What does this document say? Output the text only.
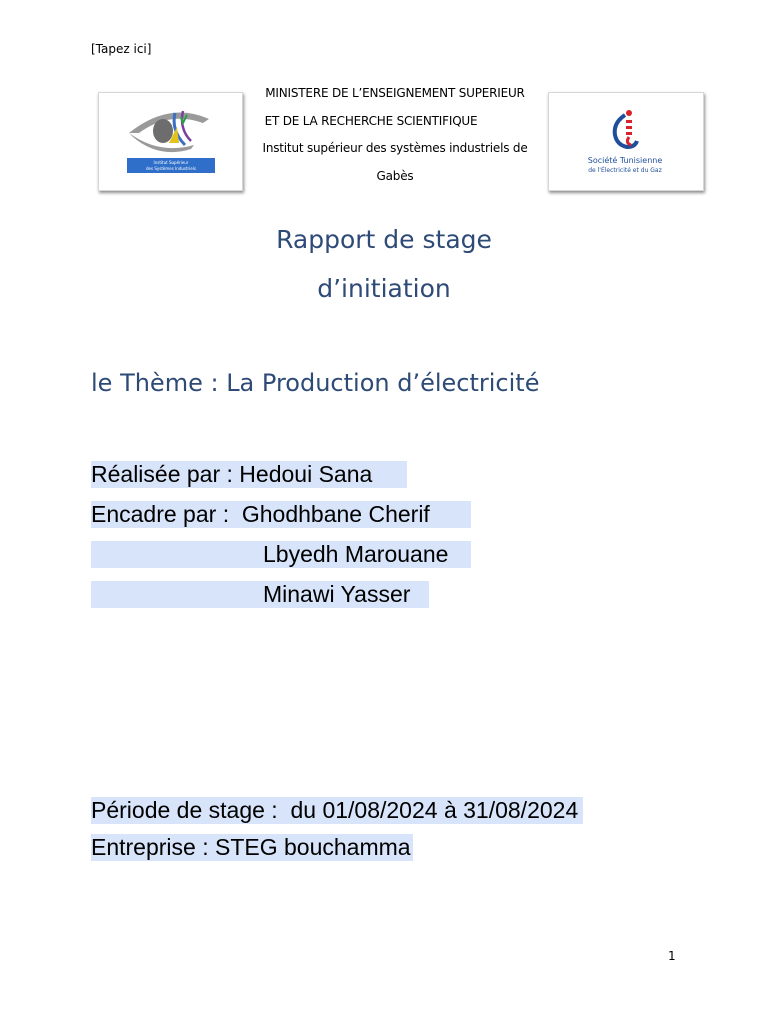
[Tapez ici]
Institut Supérieur
des Systèmes Industriels
MINISTERE DE L’ENSEIGNEMENT SUPERIEUR
ET DE LA RECHERCHE SCIENTIFIQUE
Institut supérieur des systèmes industriels de
Gabès
Société Tunisienne
de l'Électricité et du Gaz
Rapport de stage
d’initiation
le Thème : La Production d’électricité
Réalisée par : Hedoui Sana
Encadre par :  Ghodhbane Cherif
Lbyedh Marouane
Minawi Yasser
Période de stage :  du 01/08/2024 à 31/08/2024
Entreprise : STEG bouchamma
1
